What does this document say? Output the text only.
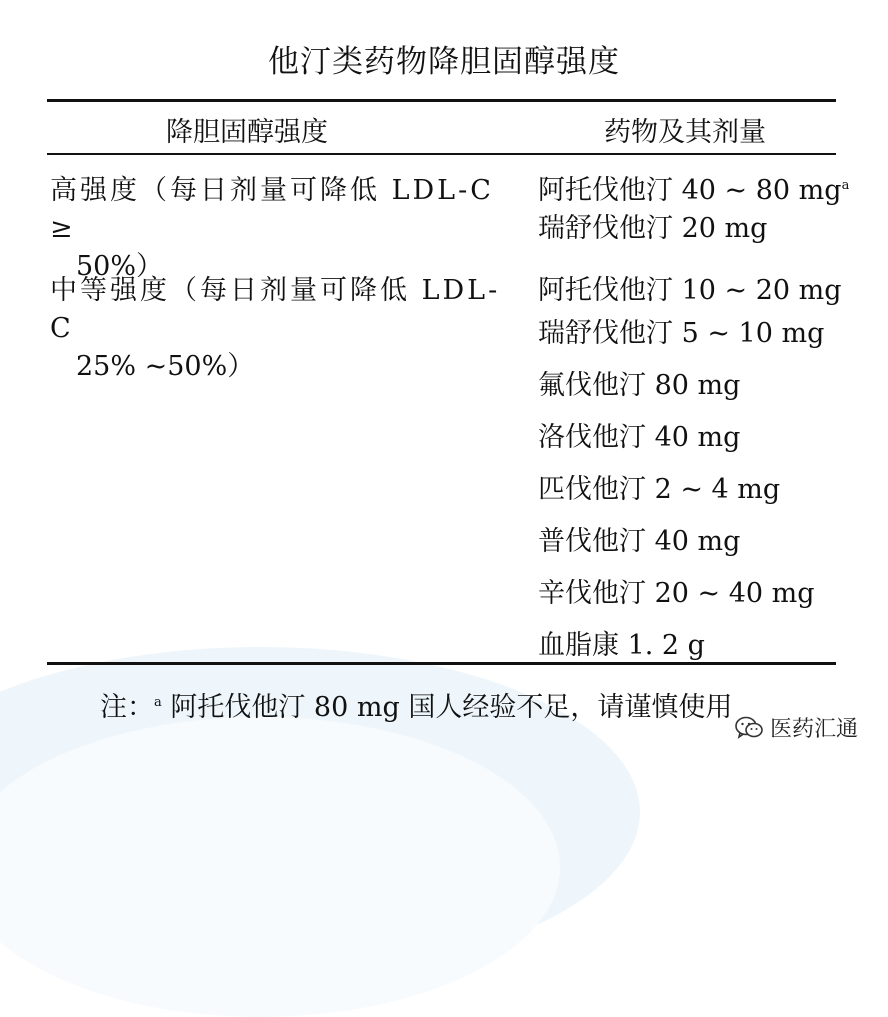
他汀类药物降胆固醇强度
降胆固醇强度	药物及其剂量
高强度（每日剂量可降低 LDL-C ≥
50%）
阿托伐他汀 40 ~ 80 $mg^a$
瑞舒伐他汀 20 mg
中等强度（每日剂量可降低 LDL-C
25% ~50%）
阿托伐他汀 10 ~ 20 mg
瑞舒伐他汀 5 ~ 10 mg
氟伐他汀 80 mg
洛伐他汀 40 mg
匹伐他汀 2 ~ 4 mg
普伐他汀 40 mg
辛伐他汀 20 ~ 40 mg
血脂康 1. 2 g
注：$^a$ 阿托伐他汀 80 mg 国人经验不足，请谨慎使用
医药汇通
